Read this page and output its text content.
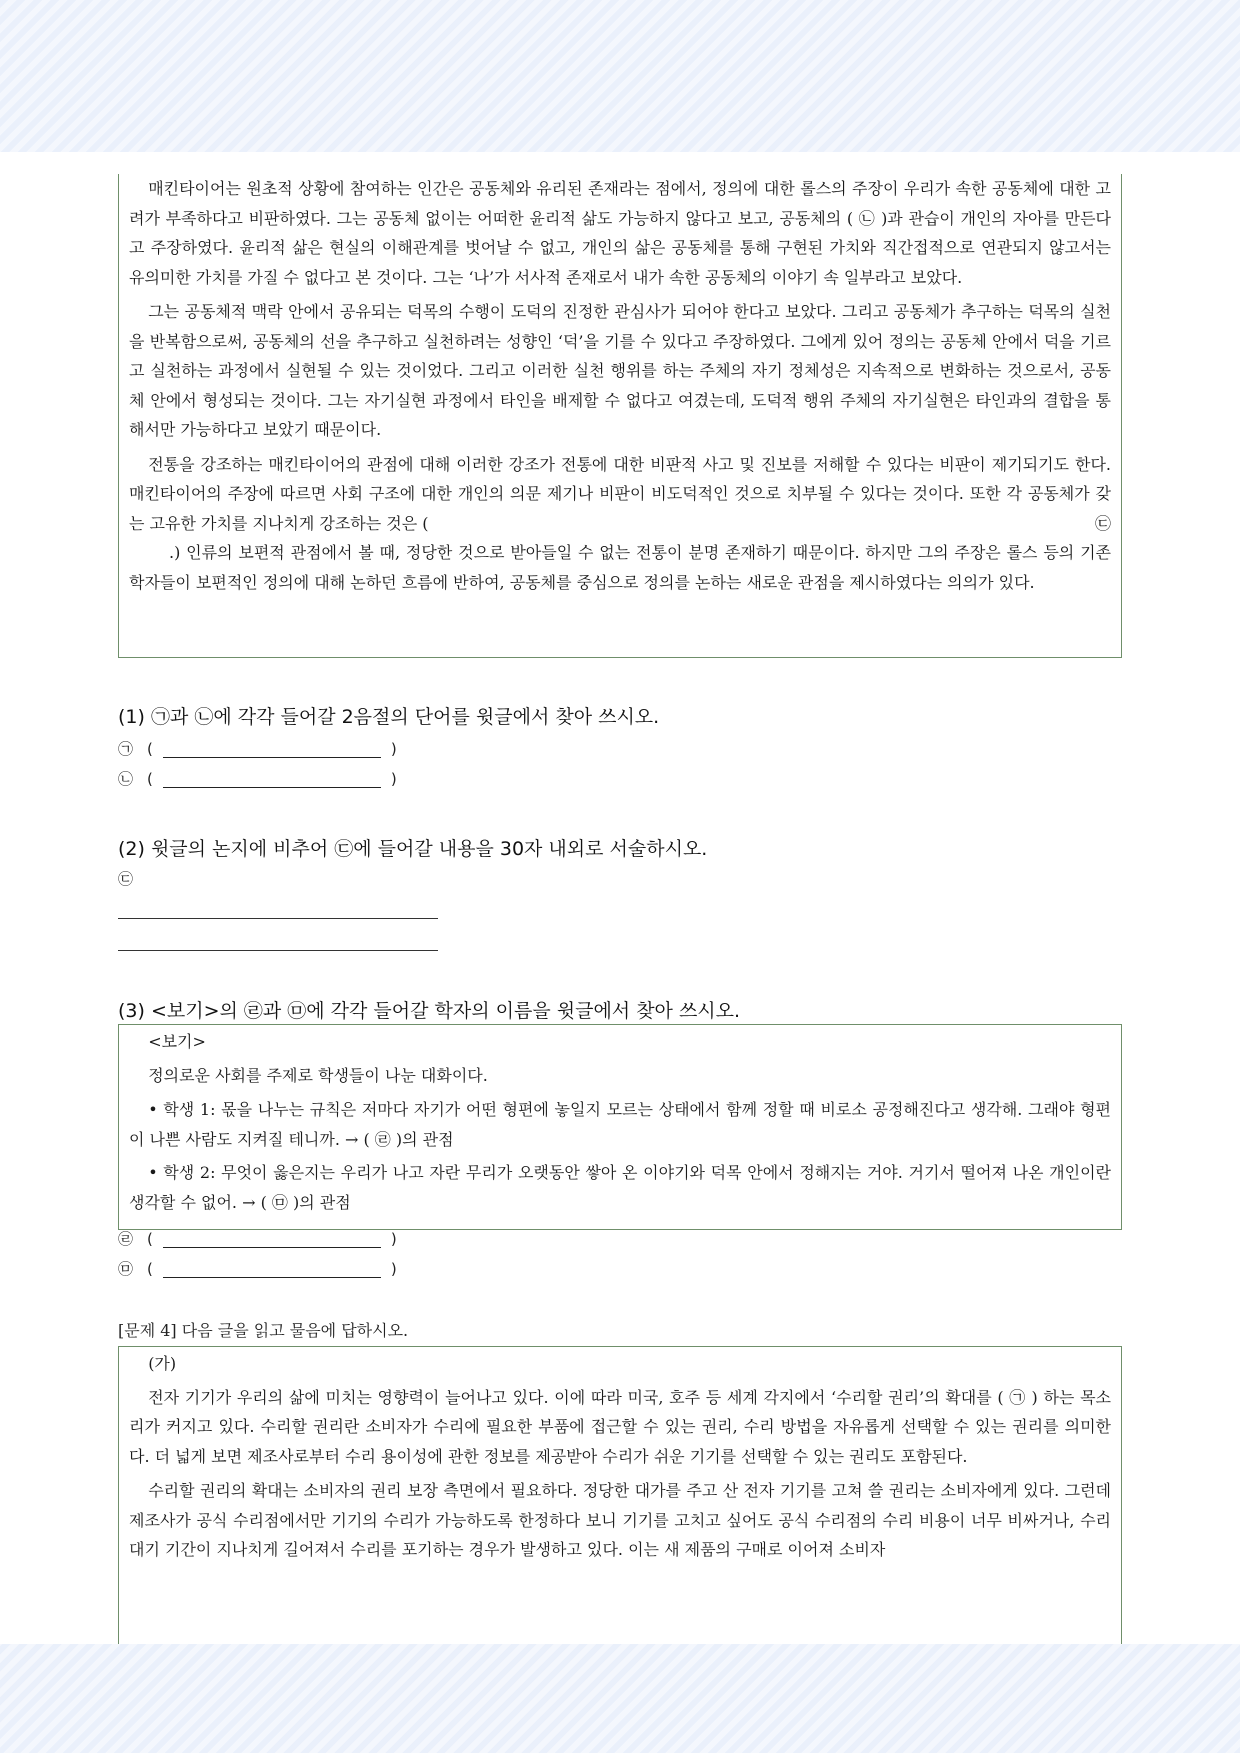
매킨타이어는 원초적 상황에 참여하는 인간은 공동체와 유리된 존재라는 점에서, 정의에 대한 롤스의 주장이 우리가 속한 공동체에 대한 고려가 부족하다고 비판하였다. 그는 공동체 없이는 어떠한 윤리적 삶도 가능하지 않다고 보고, 공동체의 ( ㉡ )과 관습이 개인의 자아를 만든다고 주장하였다. 윤리적 삶은 현실의 이해관계를 벗어날 수 없고, 개인의 삶은 공동체를 통해 구현된 가치와 직간접적으로 연관되지 않고서는 유의미한 가치를 가질 수 없다고 본 것이다. 그는 ‘나’가 서사적 존재로서 내가 속한 공동체의 이야기 속 일부라고 보았다.

그는 공동체적 맥락 안에서 공유되는 덕목의 수행이 도덕의 진정한 관심사가 되어야 한다고 보았다. 그리고 공동체가 추구하는 덕목의 실천을 반복함으로써, 공동체의 선을 추구하고 실천하려는 성향인 ‘덕’을 기를 수 있다고 주장하였다. 그에게 있어 정의는 공동체 안에서 덕을 기르고 실천하는 과정에서 실현될 수 있는 것이었다. 그리고 이러한 실천 행위를 하는 주체의 자기 정체성은 지속적으로 변화하는 것으로서, 공동체 안에서 형성되는 것이다. 그는 자기실현 과정에서 타인을 배제할 수 없다고 여겼는데, 도덕적 행위 주체의 자기실현은 타인과의 결합을 통해서만 가능하다고 보았기 때문이다.

전통을 강조하는 매킨타이어의 관점에 대해 이러한 강조가 전통에 대한 비판적 사고 및 진보를 저해할 수 있다는 비판이 제기되기도 한다. 매킨타이어의 주장에 따르면 사회 구조에 대한 개인의 의문 제기나 비판이 비도덕적인 것으로 치부될 수 있다는 것이다. 또한 각 공동체가 갖는 고유한 가치를 지나치게 강조하는 것은 (	㉢

.) 인류의 보편적 관점에서 볼 때, 정당한 것으로 받아들일 수 없는 전통이 분명 존재하기 때문이다. 하지만 그의 주장은 롤스 등의 기존 학자들이 보편적인 정의에 대해 논하던 흐름에 반하여, 공동체를 중심으로 정의를 논하는 새로운 관점을 제시하였다는 의의가 있다.

(1) ㉠과 ㉡에 각각 들어갈 2음절의 단어를 윗글에서 찾아 쓰시오.
㉠ (	)
㉡ (	)
(2) 윗글의 논지에 비추어 ㉢에 들어갈 내용을 30자 내외로 서술하시오.
㉢
(3) <보기>의 ㉣과 ㉤에 각각 들어갈 학자의 이름을 윗글에서 찾아 쓰시오.
<보기>

정의로운 사회를 주제로 학생들이 나눈 대화이다.

• 학생 1: 몫을 나누는 규칙은 저마다 자기가 어떤 형편에 놓일지 모르는 상태에서 함께 정할 때 비로소 공정해진다고 생각해. 그래야 형편이 나쁜 사람도 지켜질 테니까. → ( ㉣ )의 관점

• 학생 2: 무엇이 옳은지는 우리가 나고 자란 무리가 오랫동안 쌓아 온 이야기와 덕목 안에서 정해지는 거야. 거기서 떨어져 나온 개인이란 생각할 수 없어. → ( ㉤ )의 관점

㉣ (	)
㉤ (	)
[문제 4] 다음 글을 읽고 물음에 답하시오.
(가)

전자 기기가 우리의 삶에 미치는 영향력이 늘어나고 있다. 이에 따라 미국, 호주 등 세계 각지에서 ‘수리할 권리’의 확대를 ( ㉠ ) 하는 목소리가 커지고 있다. 수리할 권리란 소비자가 수리에 필요한 부품에 접근할 수 있는 권리, 수리 방법을 자유롭게 선택할 수 있는 권리를 의미한다. 더 넓게 보면 제조사로부터 수리 용이성에 관한 정보를 제공받아 수리가 쉬운 기기를 선택할 수 있는 권리도 포함된다.

수리할 권리의 확대는 소비자의 권리 보장 측면에서 필요하다. 정당한 대가를 주고 산 전자 기기를 고쳐 쓸 권리는 소비자에게 있다. 그런데 제조사가 공식 수리점에서만 기기의 수리가 가능하도록 한정하다 보니 기기를 고치고 싶어도 공식 수리점의 수리 비용이 너무 비싸거나, 수리 대기 기간이 지나치게 길어져서 수리를 포기하는 경우가 발생하고 있다. 이는 새 제품의 구매로 이어져 소비자
